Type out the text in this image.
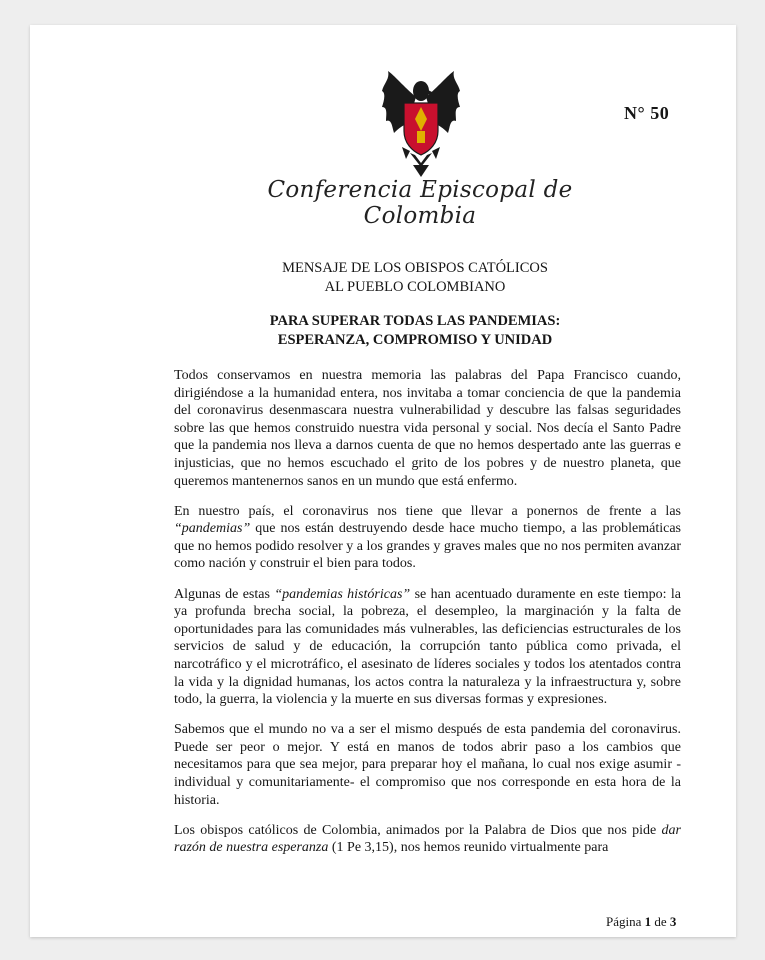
N° 50
Conferencia Episcopal de Colombia
MENSAJE DE LOS OBISPOS CATÓLICOS
AL PUEBLO COLOMBIANO
PARA SUPERAR TODAS LAS PANDEMIAS:
ESPERANZA, COMPROMISO Y UNIDAD

Todos conservamos en nuestra memoria las palabras del Papa Francisco cuando, dirigiéndose a la humanidad entera, nos invitaba a tomar conciencia de que la pandemia del coronavirus desenmascara nuestra vulnerabilidad y descubre las falsas seguridades sobre las que hemos construido nuestra vida personal y social. Nos decía el Santo Padre que la pandemia nos lleva a darnos cuenta de que no hemos despertado ante las guerras e injusticias, que no hemos escuchado el grito de los pobres y de nuestro planeta, que queremos mantenernos sanos en un mundo que está enfermo.

En nuestro país, el coronavirus nos tiene que llevar a ponernos de frente a las “pandemias” que nos están destruyendo desde hace mucho tiempo, a las problemáticas que no hemos podido resolver y a los grandes y graves males que no nos permiten avanzar como nación y construir el bien para todos.

Algunas de estas “pandemias históricas” se han acentuado duramente en este tiempo: la ya profunda brecha social, la pobreza, el desempleo, la marginación y la falta de oportunidades para las comunidades más vulnerables, las deficiencias estructurales de los servicios de salud y de educación, la corrupción tanto pública como privada, el narcotráfico y el microtráfico, el asesinato de líderes sociales y todos los atentados contra la vida y la dignidad humanas, los actos contra la naturaleza y la infraestructura y, sobre todo, la guerra, la violencia y la muerte en sus diversas formas y expresiones.

Sabemos que el mundo no va a ser el mismo después de esta pandemia del coronavirus. Puede ser peor o mejor. Y está en manos de todos abrir paso a los cambios que necesitamos para que sea mejor, para preparar hoy el mañana, lo cual nos exige asumir -individual y comunitariamente- el compromiso que nos corresponde en esta hora de la historia.

Los obispos católicos de Colombia, animados por la Palabra de Dios que nos pide dar razón de nuestra esperanza (1 Pe 3,15), nos hemos reunido virtualmente para

Página 1 de 3
